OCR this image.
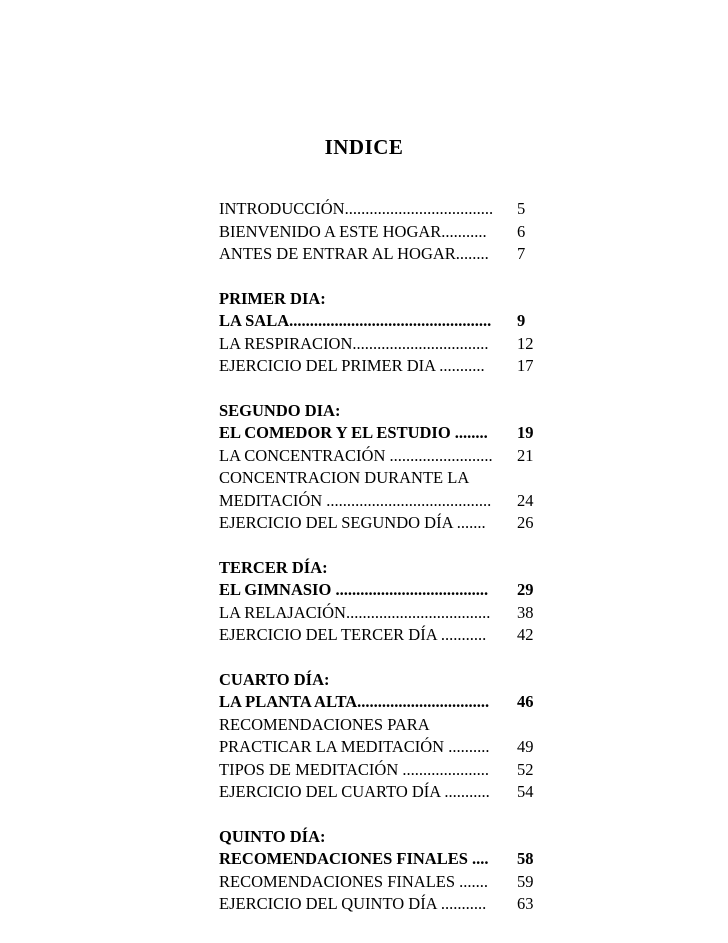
INDICE
INTRODUCCIÓN....................................	5
BIENVENIDO A ESTE HOGAR...........	6
ANTES DE ENTRAR AL HOGAR........	7
PRIMER DIA:
LA SALA.................................................	9
LA RESPIRACION.................................	12
EJERCICIO DEL PRIMER DIA ...........	17
SEGUNDO DIA:
EL COMEDOR Y EL ESTUDIO ........	19
LA CONCENTRACIÓN .........................	21
CONCENTRACION DURANTE LA
MEDITACIÓN ........................................	24
EJERCICIO DEL SEGUNDO DÍA .......	26
TERCER DÍA:
EL GIMNASIO .....................................	29
LA RELAJACIÓN...................................	38
EJERCICIO DEL TERCER DÍA ...........	42
CUARTO DÍA:
LA PLANTA ALTA................................	46
RECOMENDACIONES PARA
PRACTICAR LA MEDITACIÓN ..........	49
TIPOS DE MEDITACIÓN .....................	52
EJERCICIO DEL CUARTO DÍA ...........	54
QUINTO DÍA:
RECOMENDACIONES FINALES ....	58
RECOMENDACIONES FINALES .......	59
EJERCICIO DEL QUINTO DÍA ...........	63
